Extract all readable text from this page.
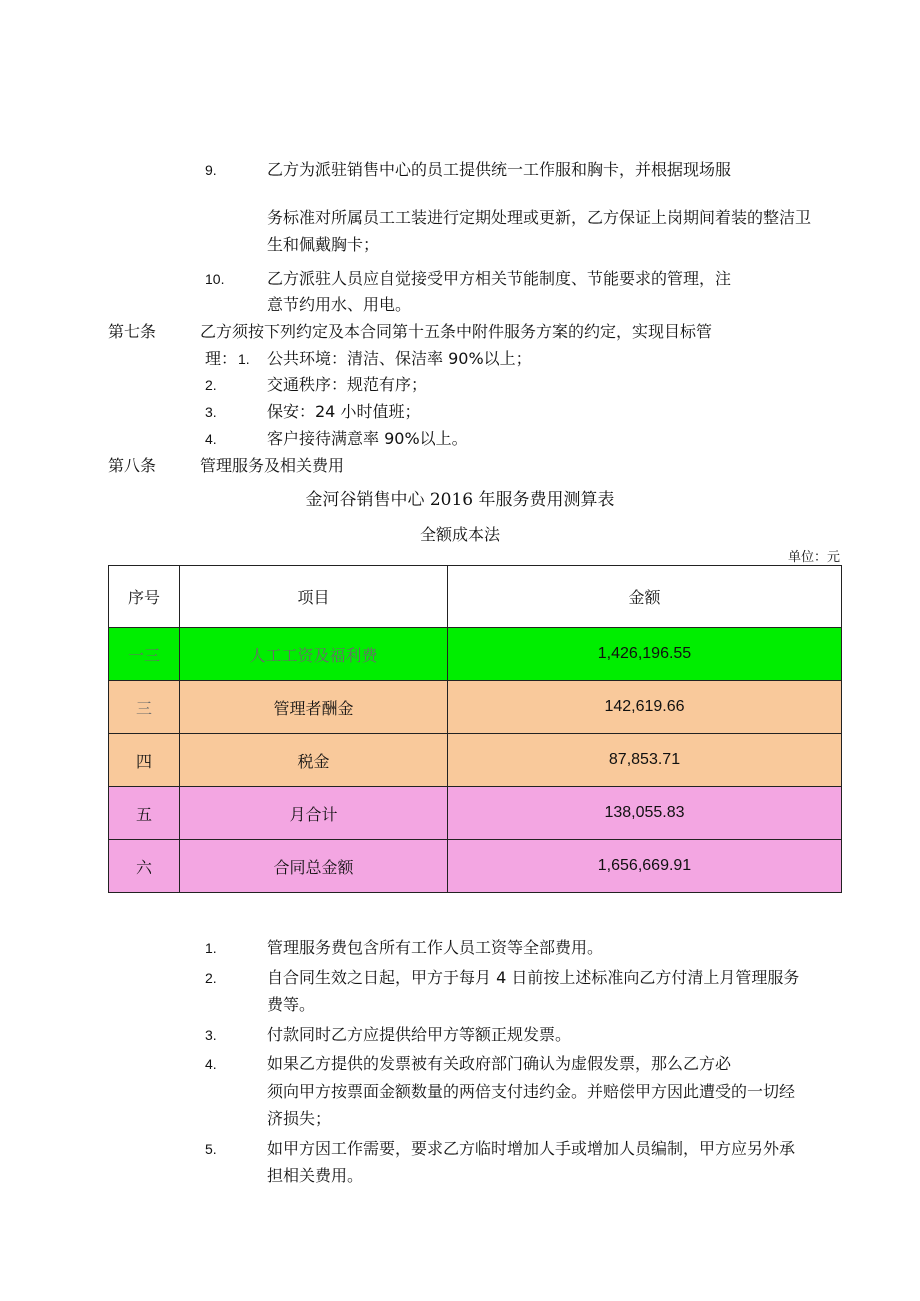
9.	乙方为派驻销售中心的员工提供统一工作服和胸卡，并根据现场服
务标准对所属员工工装进行定期处理或更新，乙方保证上岗期间着装的整洁卫
生和佩戴胸卡；
10.	乙方派驻人员应自觉接受甲方相关节能制度、节能要求的管理，注
意节约用水、用电。
第七条	乙方须按下列约定及本合同第十五条中附件服务方案的约定，实现目标管
理： 1. 公共环境：清洁、保洁率 90%以上；
2.	交通秩序：规范有序；
3.	保安：24 小时值班；
4.	客户接待满意率 90%以上。
第八条	管理服务及相关费用
金河谷销售中心 2016 年服务费用测算表
全额成本法
单位：元
序号	项目	金额
一三	人工工资及福利费	1,426,196.55
三	管理者酬金	142,619.66
四	税金	87,853.71
五	月合计	138,055.83
六	合同总金额	1,656,669.91
1.	管理服务费包含所有工作人员工资等全部费用。
2.	自合同生效之日起，甲方于每月 4 日前按上述标准向乙方付清上月管理服务
费等。
3.	付款同时乙方应提供给甲方等额正规发票。
4.	如果乙方提供的发票被有关政府部门确认为虚假发票，那么乙方必
须向甲方按票面金额数量的两倍支付违约金。并赔偿甲方因此遭受的一切经
济损失；
5.	如甲方因工作需要，要求乙方临时增加人手或增加人员编制，甲方应另外承
担相关费用。
